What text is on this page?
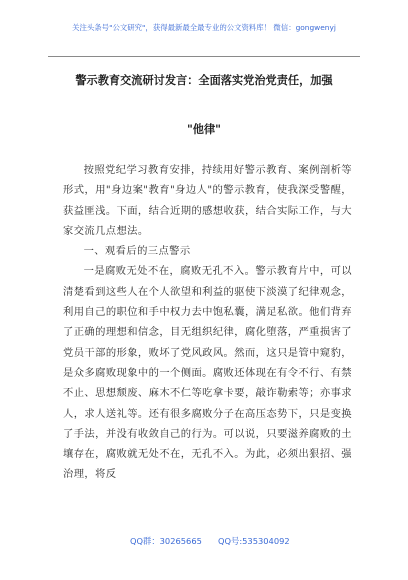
关注头条号"公文研究"，获得最新最全最专业的公文资料库！ 微信：gongwenyj
警示教育交流研讨发言：全面落实党治党责任，加强
"他律"

按照党纪学习教育安排，持续用好警示教育、案例剖析等形式，用"身边案"教育"身边人"的警示教育，使我深受警醒，获益匪浅。下面，结合近期的感想收获，结合实际工作，与大家交流几点想法。

一、观看后的三点警示

一是腐败无处不在，腐败无孔不入。警示教育片中，可以清楚看到这些人在个人欲望和利益的驱使下淡漠了纪律观念，利用自己的职位和手中权力去中饱私囊，满足私欲。他们背弃了正确的理想和信念，目无组织纪律，腐化堕落，严重损害了党员干部的形象，败坏了党风政风。然而，这只是管中窥豹，是众多腐败现象中的一个侧面。腐败还体现在有令不行、有禁不止、思想颓废、麻木不仁等吃拿卡要，敲诈勒索等；亦事求人，求人送礼等。还有很多腐败分子在高压态势下，只是变换了手法，并没有收敛自己的行为。可以说，只要滋养腐败的土壤存在，腐败就无处不在，无孔不入。为此，必须出狠招、强治理，将反

QQ群：30265665 QQ号:535304092
